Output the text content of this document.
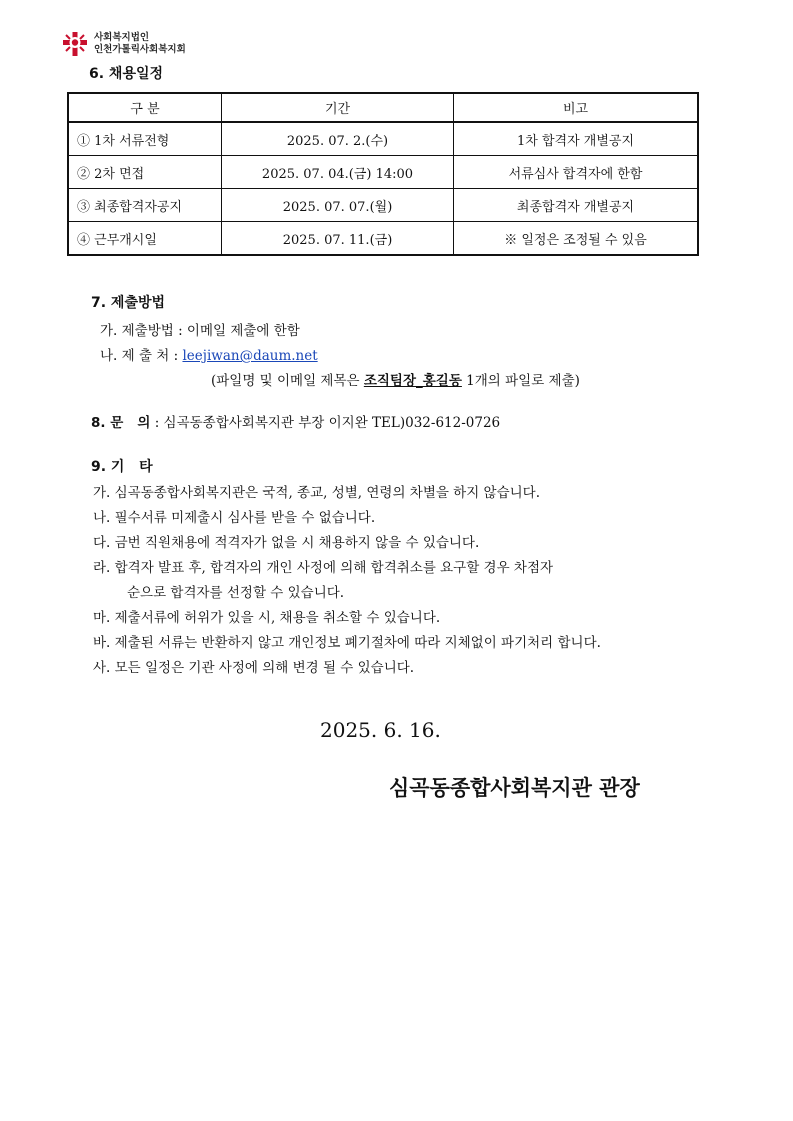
사회복지법인
인천가톨릭사회복지회
6. 채용일정
구 분	기간	비고
① 1차 서류전형	2025. 07. 2.(수)	1차 합격자 개별공지
② 2차 면접	2025. 07. 04.(금) 14:00	서류심사 합격자에 한함
③ 최종합격자공지	2025. 07. 07.(월)	최종합격자 개별공지
④ 근무개시일	2025. 07. 11.(금)	※ 일정은 조정될 수 있음
7. 제출방법
가. 제출방법 : 이메일 제출에 한함
나. 제 출 처 : leejiwan@daum.net
(파일명 및 이메일 제목은 조직팀장_홍길동 1개의 파일로 제출)
8. 문   의 : 심곡동종합사회복지관 부장 이지완 TEL)032-612-0726
9. 기   타
가. 심곡동종합사회복지관은 국적, 종교, 성별, 연령의 차별을 하지 않습니다.
나. 필수서류 미제출시 심사를 받을 수 없습니다.
다. 금번 직원채용에 적격자가 없을 시 채용하지 않을 수 있습니다.
라. 합격자 발표 후, 합격자의 개인 사정에 의해 합격취소를 요구할 경우 차점자
순으로 합격자를 선정할 수 있습니다.
마. 제출서류에 허위가 있을 시, 채용을 취소할 수 있습니다.
바. 제출된 서류는 반환하지 않고 개인정보 폐기절차에 따라 지체없이 파기처리 합니다.
사. 모든 일정은 기관 사정에 의해 변경 될 수 있습니다.
2025. 6. 16.
심곡동종합사회복지관 관장
